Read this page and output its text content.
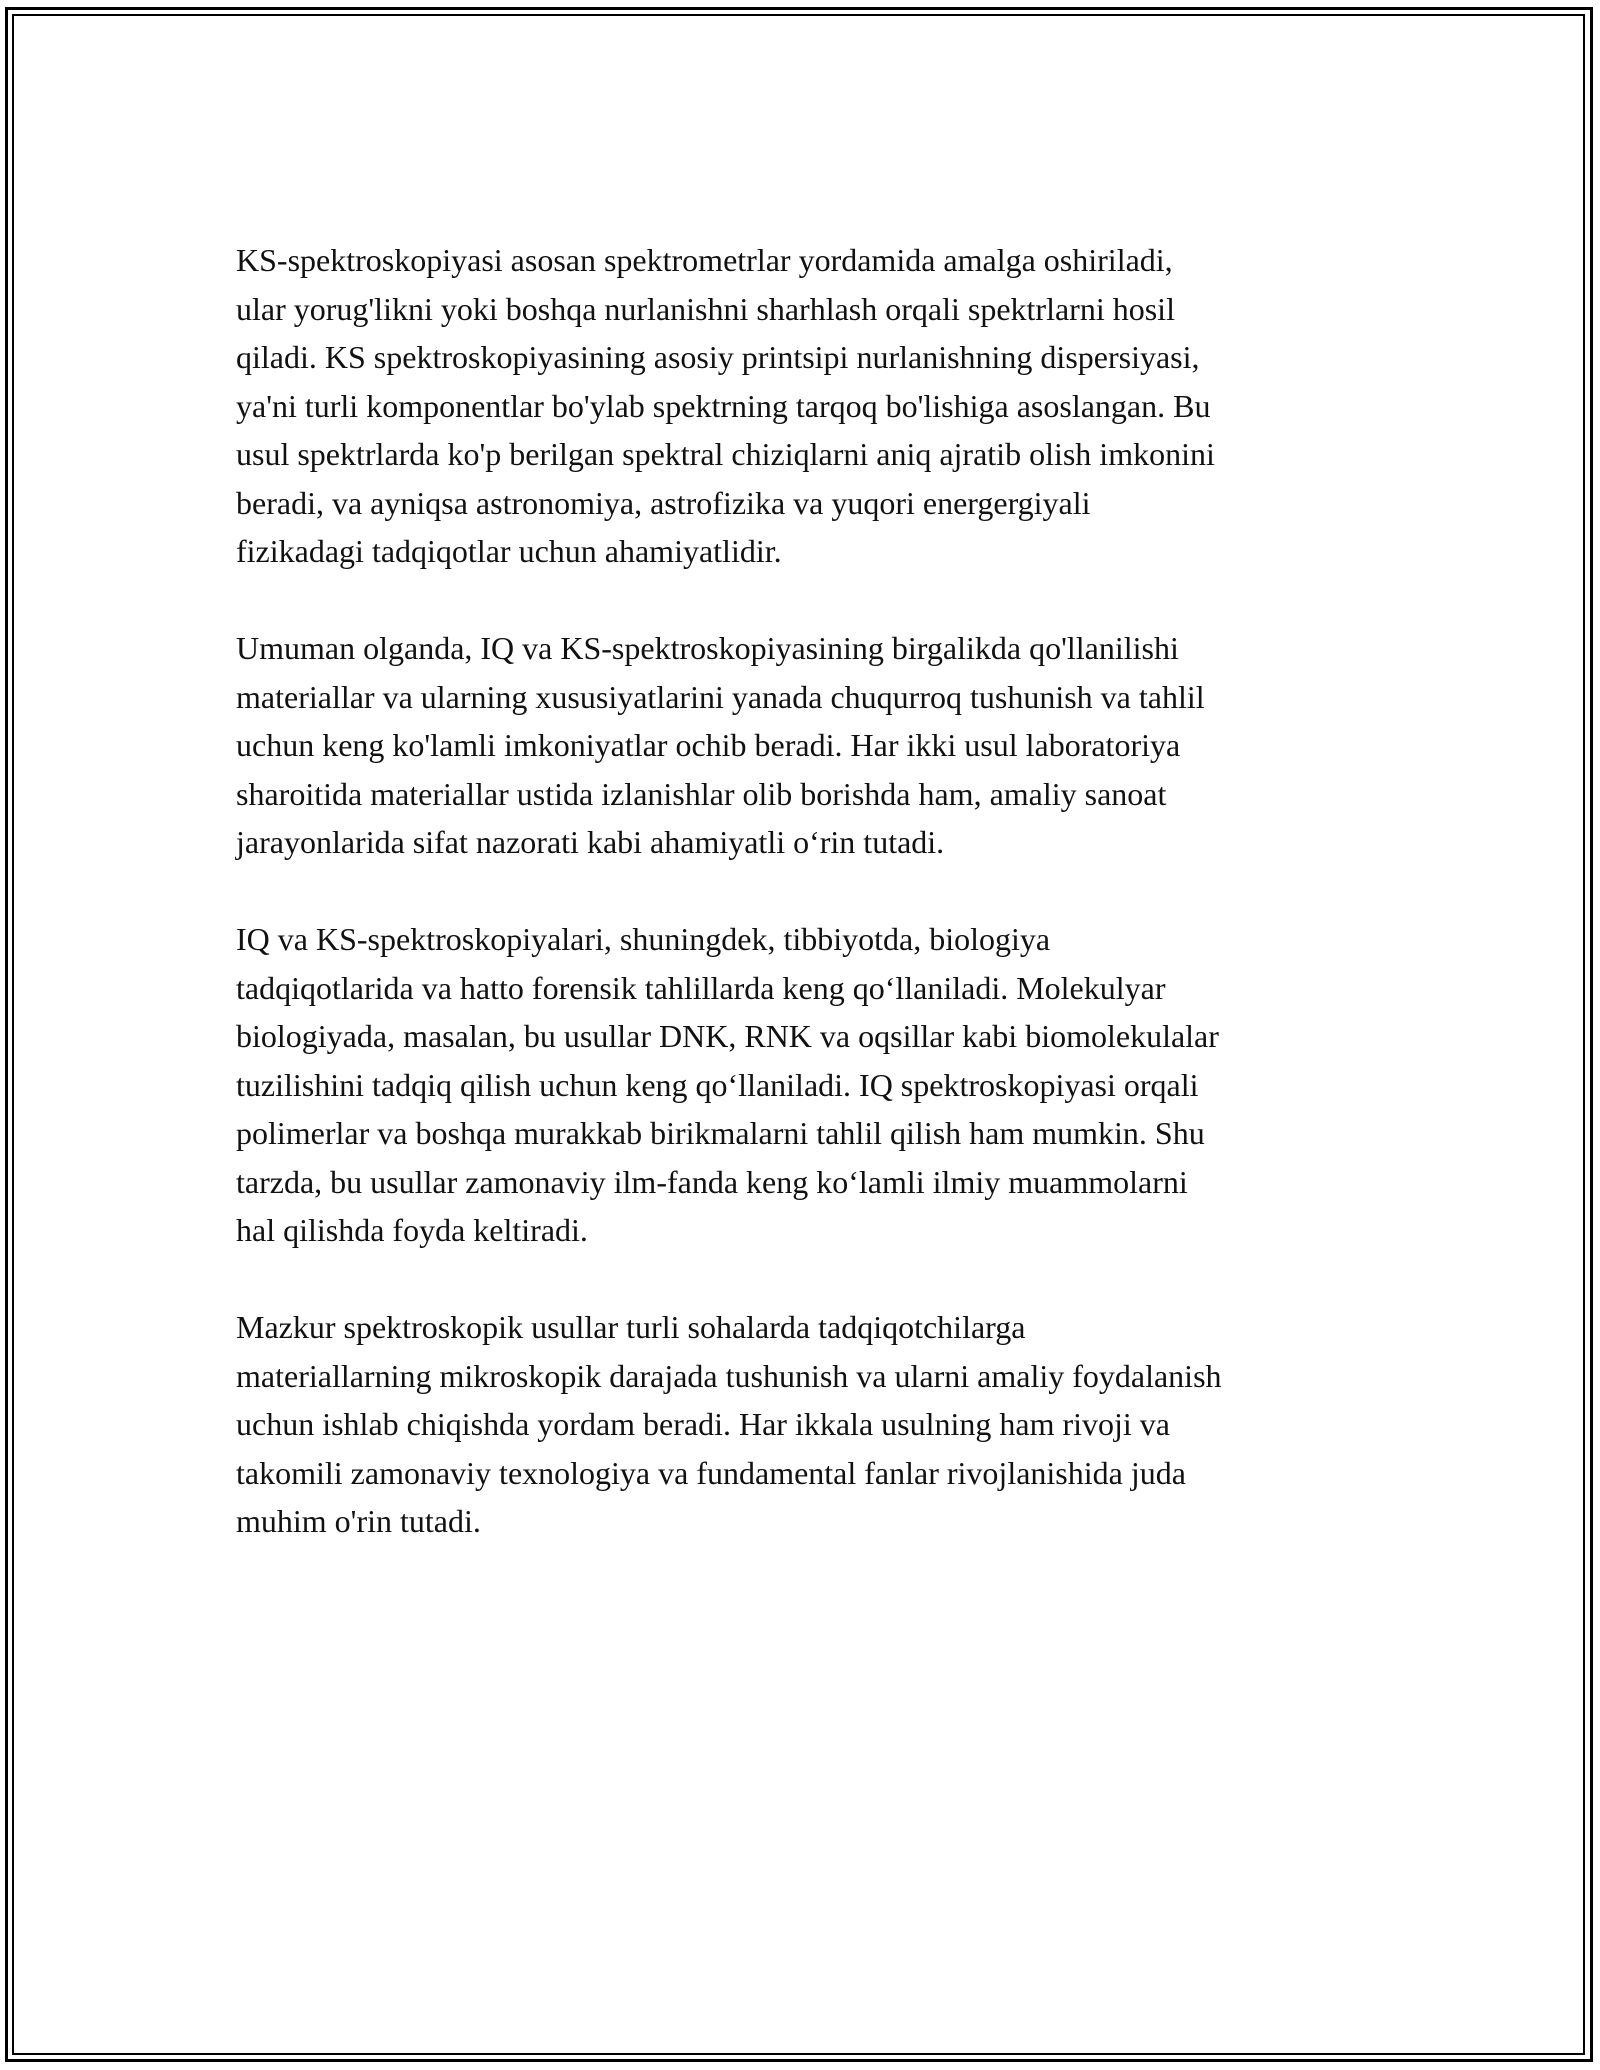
KS-spektroskopiyasi asosan spektrometrlar yordamida amalga oshiriladi,
ular yorug'likni yoki boshqa nurlanishni sharhlash orqali spektrlarni hosil
qiladi. KS spektroskopiyasining asosiy printsipi nurlanishning dispersiyasi,
ya'ni turli komponentlar bo'ylab spektrning tarqoq bo'lishiga asoslangan. Bu
usul spektrlarda ko'p berilgan spektral chiziqlarni aniq ajratib olish imkonini
beradi, va ayniqsa astronomiya, astrofizika va yuqori energergiyali
fizikadagi tadqiqotlar uchun ahamiyatlidir.

Umuman olganda, IQ va KS-spektroskopiyasining birgalikda qo'llanilishi
materiallar va ularning xususiyatlarini yanada chuqurroq tushunish va tahlil
uchun keng ko'lamli imkoniyatlar ochib beradi. Har ikki usul laboratoriya
sharoitida materiallar ustida izlanishlar olib borishda ham, amaliy sanoat
jarayonlarida sifat nazorati kabi ahamiyatli o‘rin tutadi.

IQ va KS-spektroskopiyalari, shuningdek, tibbiyotda, biologiya
tadqiqotlarida va hatto forensik tahlillarda keng qo‘llaniladi. Molekulyar
biologiyada, masalan, bu usullar DNK, RNK va oqsillar kabi biomolekulalar
tuzilishini tadqiq qilish uchun keng qo‘llaniladi. IQ spektroskopiyasi orqali
polimerlar va boshqa murakkab birikmalarni tahlil qilish ham mumkin. Shu
tarzda, bu usullar zamonaviy ilm-fanda keng ko‘lamli ilmiy muammolarni
hal qilishda foyda keltiradi.

Mazkur spektroskopik usullar turli sohalarda tadqiqotchilarga
materiallarning mikroskopik darajada tushunish va ularni amaliy foydalanish
uchun ishlab chiqishda yordam beradi. Har ikkala usulning ham rivoji va
takomili zamonaviy texnologiya va fundamental fanlar rivojlanishida juda
muhim o'rin tutadi.
